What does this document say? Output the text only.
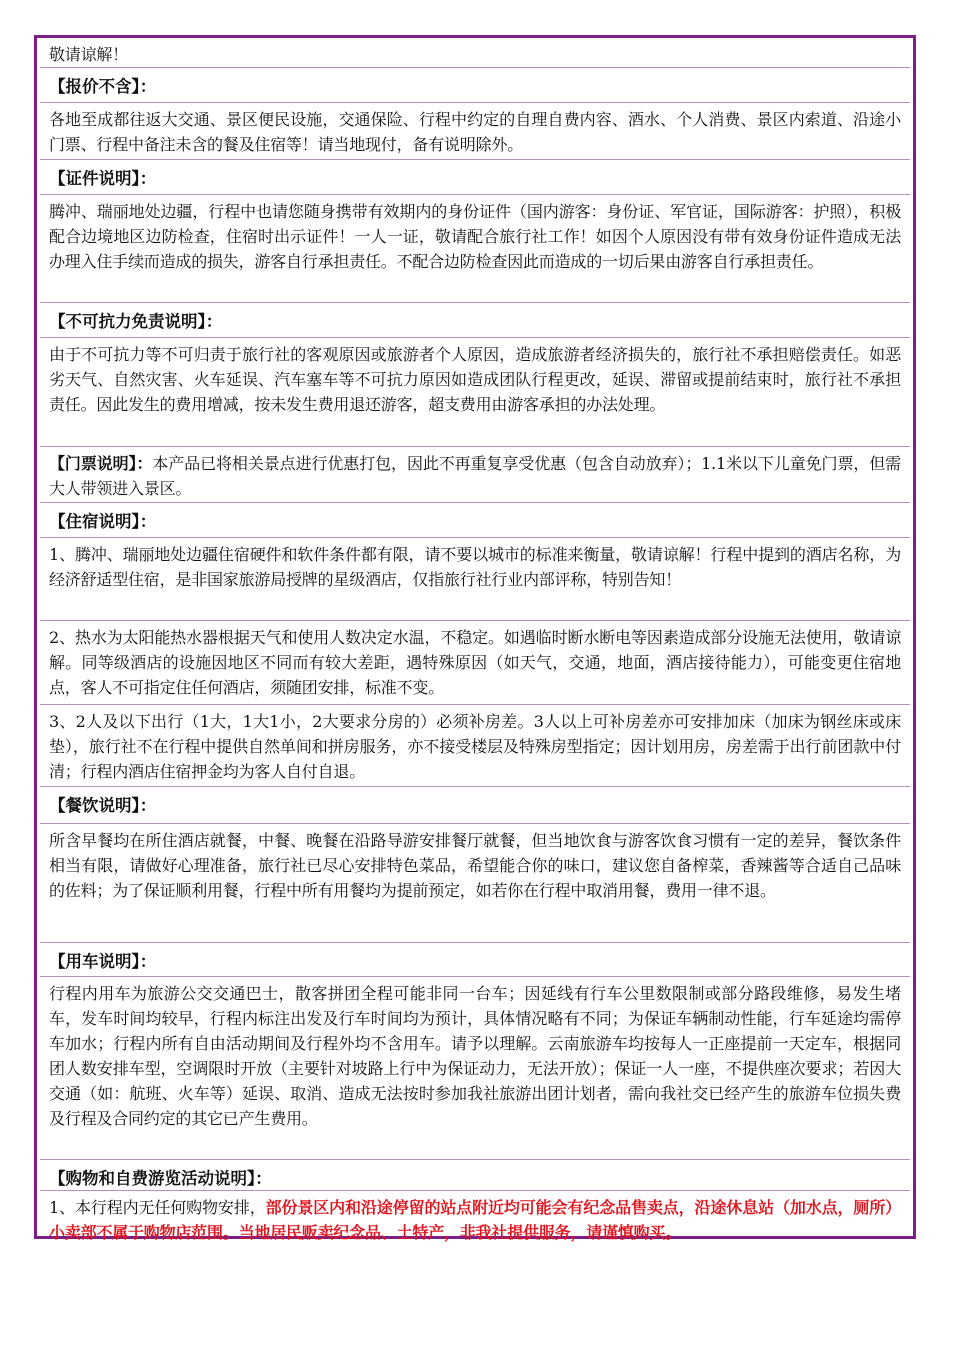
敬请谅解！
【报价不含】：
各地至成都往返大交通、景区便民设施，交通保险、行程中约定的自理自费内容、酒水、个人消费、景区内索道、沿途小门票、行程中备注未含的餐及住宿等！请当地现付，备有说明除外。
【证件说明】：
腾冲、瑞丽地处边疆，行程中也请您随身携带有效期内的身份证件（国内游客：身份证、军官证，国际游客：护照），积极配合边境地区边防检查，住宿时出示证件！一人一证，敬请配合旅行社工作！如因个人原因没有带有效身份证件造成无法办理入住手续而造成的损失，游客自行承担责任。不配合边防检查因此而造成的一切后果由游客自行承担责任。
【不可抗力免责说明】：
由于不可抗力等不可归责于旅行社的客观原因或旅游者个人原因，造成旅游者经济损失的，旅行社不承担赔偿责任。如恶劣天气、自然灾害、火车延误、汽车塞车等不可抗力原因如造成团队行程更改，延误、滞留或提前结束时，旅行社不承担责任。因此发生的费用增减，按未发生费用退还游客，超支费用由游客承担的办法处理。
【门票说明】：本产品已将相关景点进行优惠打包，因此不再重复享受优惠（包含自动放弃）；1.1米以下儿童免门票，但需大人带领进入景区。
【住宿说明】：
1、腾冲、瑞丽地处边疆住宿硬件和软件条件都有限，请不要以城市的标准来衡量，敬请谅解！行程中提到的酒店名称，为经济舒适型住宿，是非国家旅游局授牌的星级酒店，仅指旅行社行业内部评称，特别告知！
2、热水为太阳能热水器根据天气和使用人数决定水温，不稳定。如遇临时断水断电等因素造成部分设施无法使用，敬请谅解。同等级酒店的设施因地区不同而有较大差距，遇特殊原因（如天气，交通，地面，酒店接待能力），可能变更住宿地点，客人不可指定住任何酒店，须随团安排，标准不变。
3、2人及以下出行（1大，1大1小，2大要求分房的）必须补房差。3人以上可补房差亦可安排加床（加床为钢丝床或床垫），旅行社不在行程中提供自然单间和拼房服务，亦不接受楼层及特殊房型指定；因计划用房，房差需于出行前团款中付清；行程内酒店住宿押金均为客人自付自退。
【餐饮说明】：
所含早餐均在所住酒店就餐，中餐、晚餐在沿路导游安排餐厅就餐，但当地饮食与游客饮食习惯有一定的差异，餐饮条件相当有限，请做好心理准备，旅行社已尽心安排特色菜品，希望能合你的味口，建议您自备榨菜，香辣酱等合适自己品味的佐料；为了保证顺利用餐，行程中所有用餐均为提前预定，如若你在行程中取消用餐，费用一律不退。
【用车说明】：
行程内用车为旅游公交交通巴士，散客拼团全程可能非同一台车；因延线有行车公里数限制或部分路段维修，易发生堵车，发车时间均较早，行程内标注出发及行车时间均为预计，具体情况略有不同；为保证车辆制动性能，行车延途均需停车加水；行程内所有自由活动期间及行程外均不含用车。请予以理解。云南旅游车均按每人一正座提前一天定车，根据同团人数安排车型，空调限时开放（主要针对坡路上行中为保证动力，无法开放）；保证一人一座，不提供座次要求；若因大交通（如：航班、火车等）延误、取消、造成无法按时参加我社旅游出团计划者，需向我社交已经产生的旅游车位损失费及行程及合同约定的其它已产生费用。
【购物和自费游览活动说明】：
1、本行程内无任何购物安排，部份景区内和沿途停留的站点附近均可能会有纪念品售卖点，沿途休息站（加水点，厕所）小卖部不属于购物店范围。当地居民贩卖纪念品、土特产，非我社提供服务，请谨慎购买。
